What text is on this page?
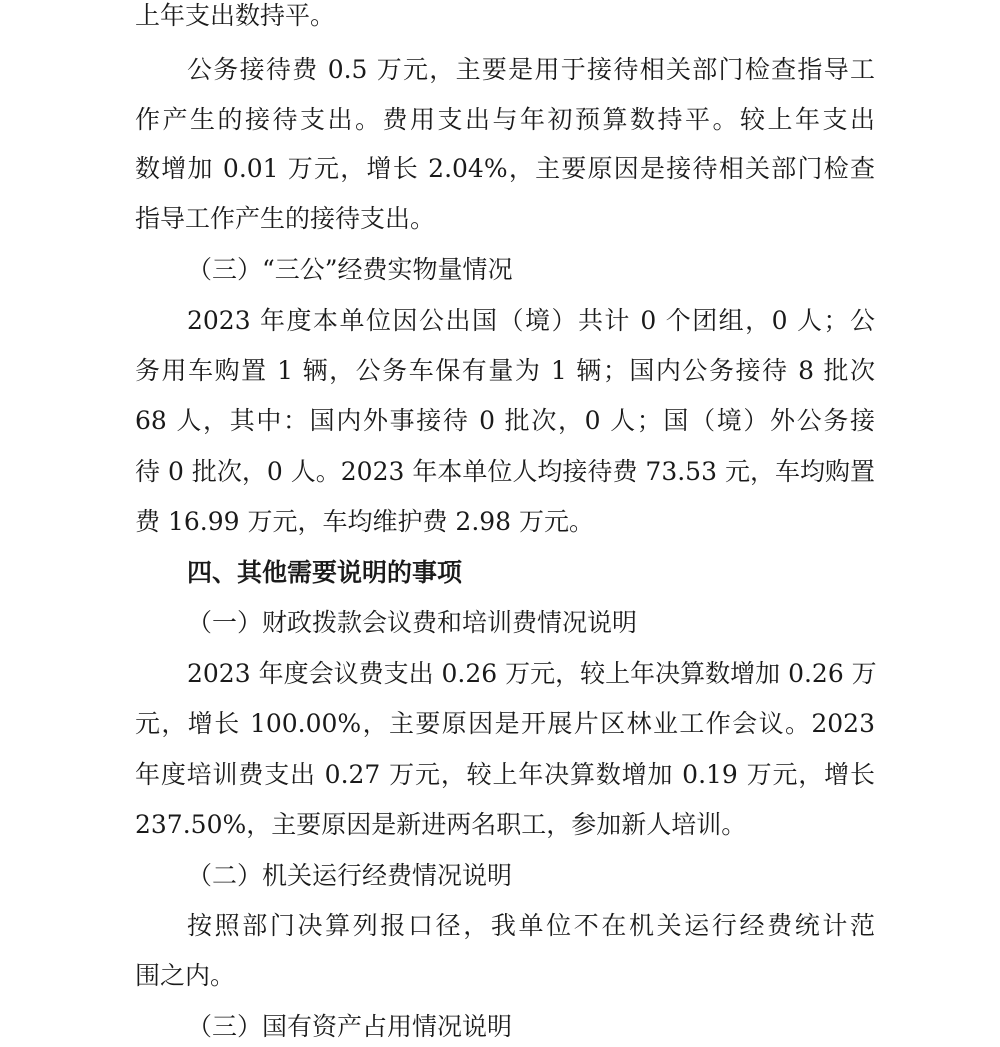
上年支出数持平。
公务接待费 0.5 万元，主要是用于接待相关部门检查指导工
作产生的接待支出。费用支出与年初预算数持平。较上年支出
数增加 0.01 万元，增长 2.04%，主要原因是接待相关部门检查
指导工作产生的接待支出。
（三）“三公”经费实物量情况
2023 年度本单位因公出国（境）共计 0 个团组，0 人；公
务用车购置 1 辆，公务车保有量为 1 辆；国内公务接待 8 批次
68 人，其中：国内外事接待 0 批次，0 人；国（境）外公务接
待 0 批次，0 人。2023 年本单位人均接待费 73.53 元，车均购置
费 16.99 万元，车均维护费 2.98 万元。
四、其他需要说明的事项
（一）财政拨款会议费和培训费情况说明
2023 年度会议费支出 0.26 万元，较上年决算数增加 0.26 万
元，增长 100.00%，主要原因是开展片区林业工作会议。2023
年度培训费支出 0.27 万元，较上年决算数增加 0.19 万元，增长
237.50%，主要原因是新进两名职工，参加新人培训。
（二）机关运行经费情况说明
按照部门决算列报口径，我单位不在机关运行经费统计范
围之内。
（三）国有资产占用情况说明
